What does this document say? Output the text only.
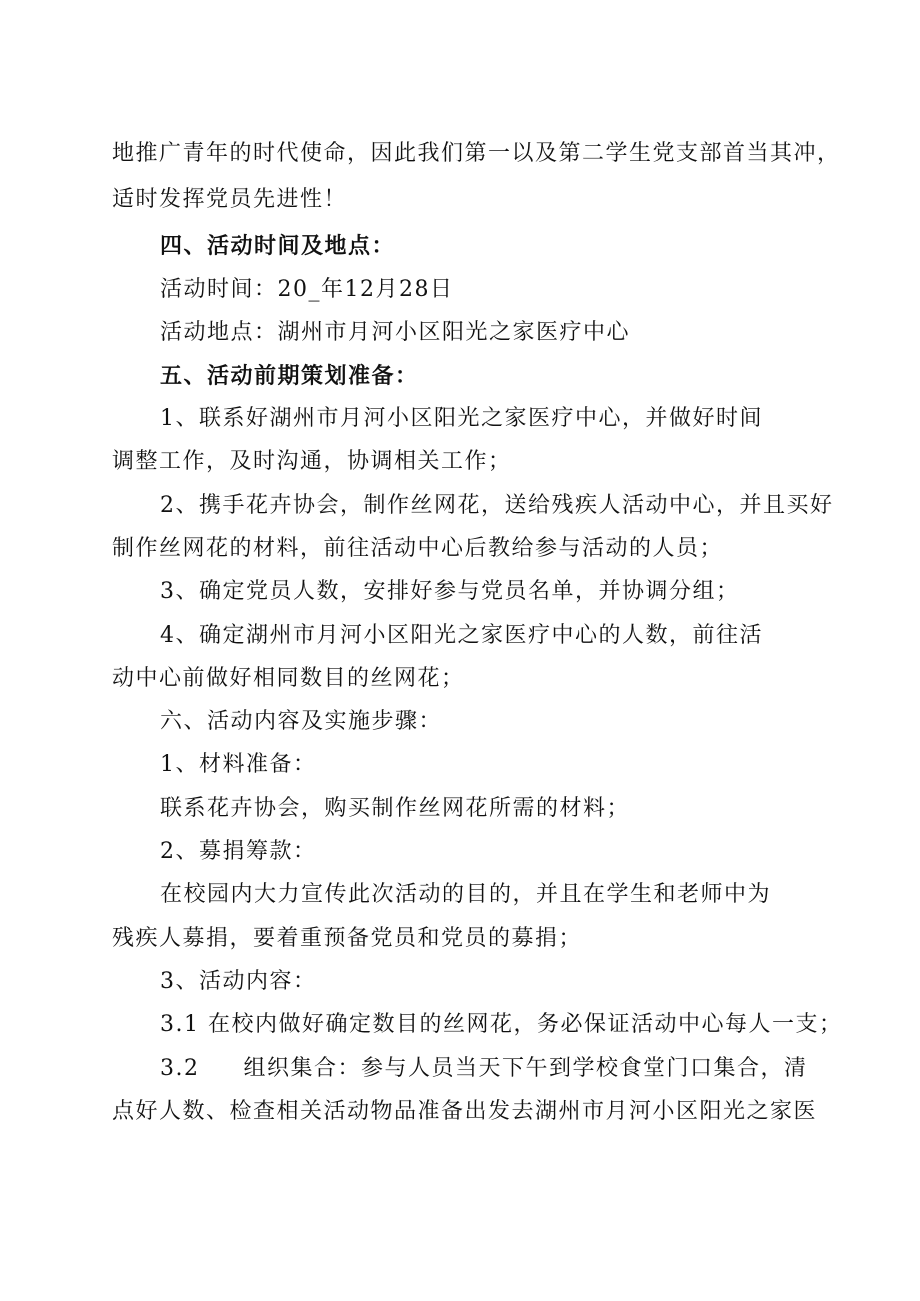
地推广青年的时代使命，因此我们第一以及第二学生党支部首当其冲，
适时发挥党员先进性！
四、活动时间及地点：
活动时间：20_年12月28日
活动地点：湖州市月河小区阳光之家医疗中心
五、活动前期策划准备：
1、联系好湖州市月河小区阳光之家医疗中心，并做好时间
调整工作，及时沟通，协调相关工作；
2、携手花卉协会，制作丝网花，送给残疾人活动中心，并且买好
制作丝网花的材料，前往活动中心后教给参与活动的人员；
3、确定党员人数，安排好参与党员名单，并协调分组；
4、确定湖州市月河小区阳光之家医疗中心的人数，前往活
动中心前做好相同数目的丝网花；
六、活动内容及实施步骤：
1、材料准备：
联系花卉协会，购买制作丝网花所需的材料；
2、募捐筹款：
在校园内大力宣传此次活动的目的，并且在学生和老师中为
残疾人募捐，要着重预备党员和党员的募捐；
3、活动内容：
3.1 在校内做好确定数目的丝网花，务必保证活动中心每人一支；
3.2 组织集合：参与人员当天下午到学校食堂门口集合，清
点好人数、检查相关活动物品准备出发去湖州市月河小区阳光之家医
